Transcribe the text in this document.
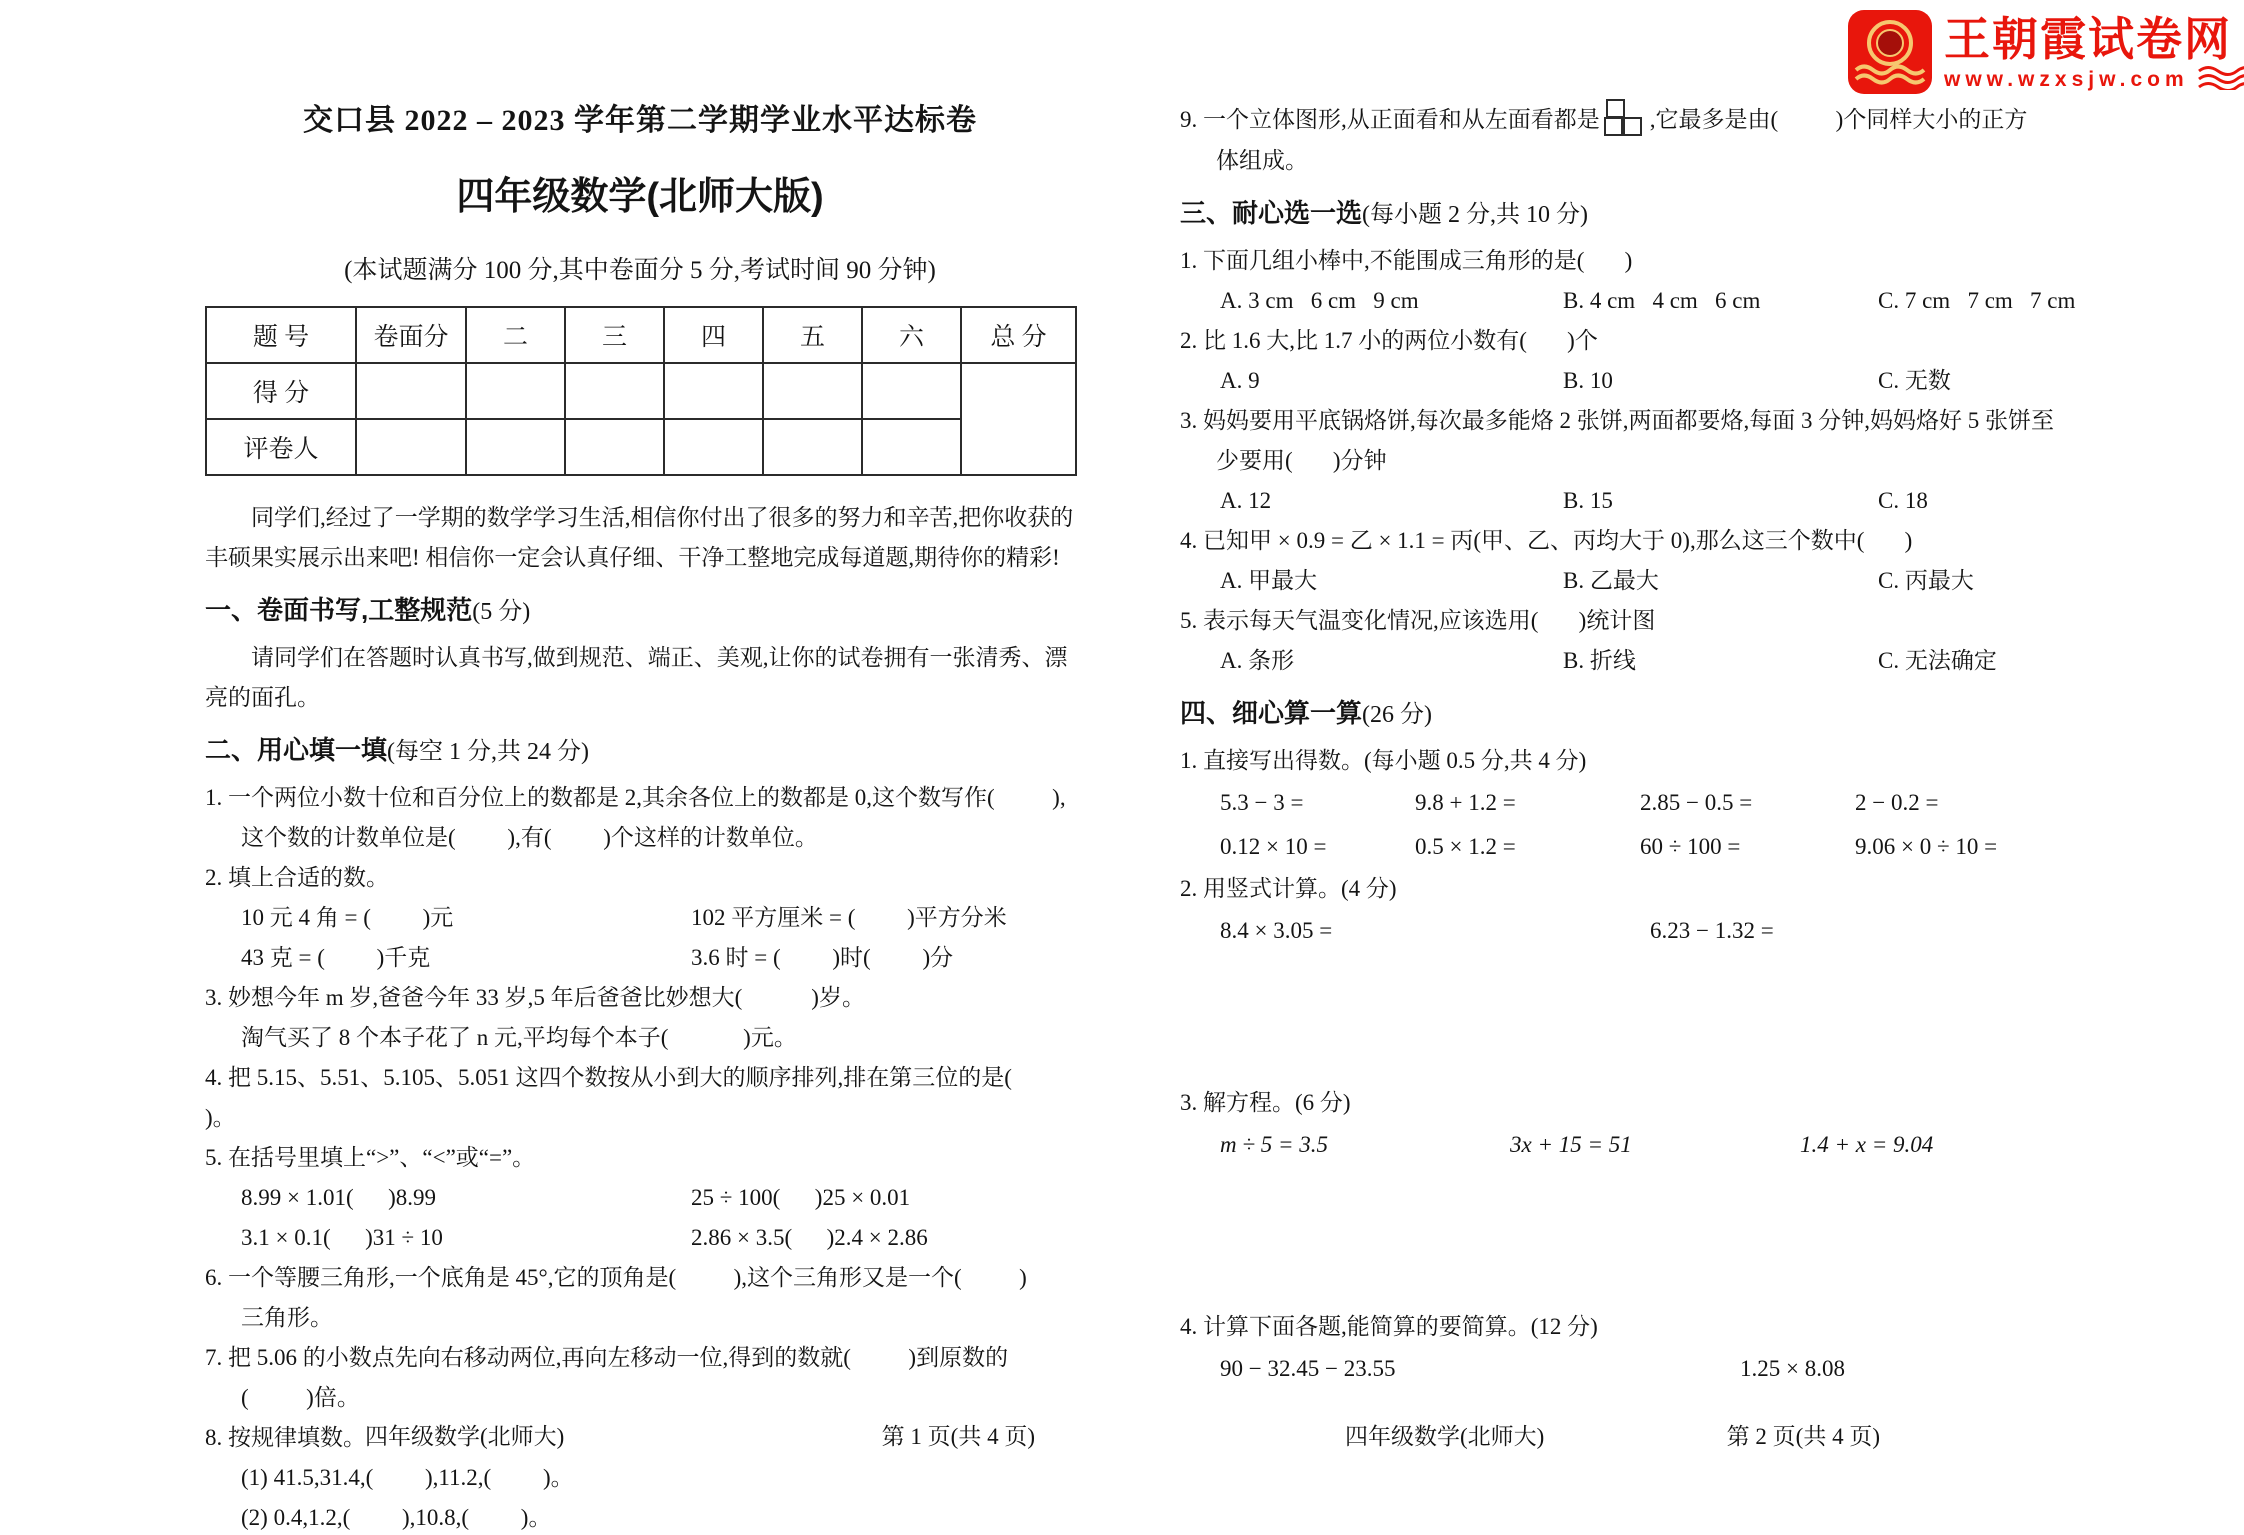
王朝霞试卷网
www.wzxsjw.com
交口县 2022 – 2023 学年第二学期学业水平达标卷
四年级数学(北师大版)
(本试题满分 100 分,其中卷面分 5 分,考试时间 90 分钟)
题 号	卷面分	二	三	四	五	六	总 分
得 分							
评卷人							

同学们,经过了一学期的数学学习生活,相信你付出了很多的努力和辛苦,把你收获的丰硕果实展示出来吧! 相信你一定会认真仔细、干净工整地完成每道题,期待你的精彩!

一、卷面书写,工整规范(5 分)

请同学们在答题时认真书写,做到规范、端正、美观,让你的试卷拥有一张清秀、漂亮的面孔。

二、用心填一填(每空 1 分,共 24 分)
1. 一个两位小数十位和百分位上的数都是 2,其余各位上的数都是 0,这个数写作(          ),
这个数的计数单位是(         ),有(         )个这样的计数单位。
2. 填上合适的数。
10 元 4 角 = (         )元	102 平方厘米 = (         )平方分米
43 克 = (         )千克	3.6 时 = (         )时(         )分
3. 妙想今年 m 岁,爸爸今年 33 岁,5 年后爸爸比妙想大(            )岁。
淘气买了 8 个本子花了 n 元,平均每个本子(             )元。
4. 把 5.15、5.51、5.105、5.051 这四个数按从小到大的顺序排列,排在第三位的是(         )。
5. 在括号里填上“>”、“<”或“=”。
8.99 × 1.01(      )8.99	25 ÷ 100(      )25 × 0.01
3.1 × 0.1(      )31 ÷ 10	2.86 × 3.5(      )2.4 × 2.86
6. 一个等腰三角形,一个底角是 45°,它的顶角是(          ),这个三角形又是一个(          )
三角形。
7. 把 5.06 的小数点先向右移动两位,再向左移动一位,得到的数就(          )到原数的
(          )倍。
8. 按规律填数。
(1) 41.5,31.4,(         ),11.2,(         )。
(2) 0.4,1.2,(         ),10.8,(         )。
9. 一个立体图形,从正面看和从左面看都是 ,它最多是由(          )个同样大小的正方
体组成。
三、耐心选一选(每小题 2 分,共 10 分)
1. 下面几组小棒中,不能围成三角形的是(       )
A. 3 cm   6 cm   9 cm	B. 4 cm   4 cm   6 cm	C. 7 cm   7 cm   7 cm
2. 比 1.6 大,比 1.7 小的两位小数有(       )个
A. 9	B. 10	C. 无数
3. 妈妈要用平底锅烙饼,每次最多能烙 2 张饼,两面都要烙,每面 3 分钟,妈妈烙好 5 张饼至
少要用(       )分钟
A. 12	B. 15	C. 18
4. 已知甲 × 0.9 = 乙 × 1.1 = 丙(甲、乙、丙均大于 0),那么这三个数中(       )
A. 甲最大	B. 乙最大	C. 丙最大
5. 表示每天气温变化情况,应该选用(       )统计图
A. 条形	B. 折线	C. 无法确定
四、细心算一算(26 分)
1. 直接写出得数。(每小题 0.5 分,共 4 分)
5.3 − 3 =	9.8 + 1.2 =	2.85 − 0.5 =	2 − 0.2 =
0.12 × 10 =	0.5 × 1.2 =	60 ÷ 100 =	9.06 × 0 ÷ 10 =
2. 用竖式计算。(4 分)
8.4 × 3.05 =	6.23 − 1.32 =
3. 解方程。(6 分)
m ÷ 5 = 3.5	3x + 15 = 51	1.4 + x = 9.04
4. 计算下面各题,能简算的要简算。(12 分)
90 − 32.45 − 23.55	1.25 × 8.08
四年级数学(北师大)	第 1 页(共 4 页)	四年级数学(北师大)	第 2 页(共 4 页)
